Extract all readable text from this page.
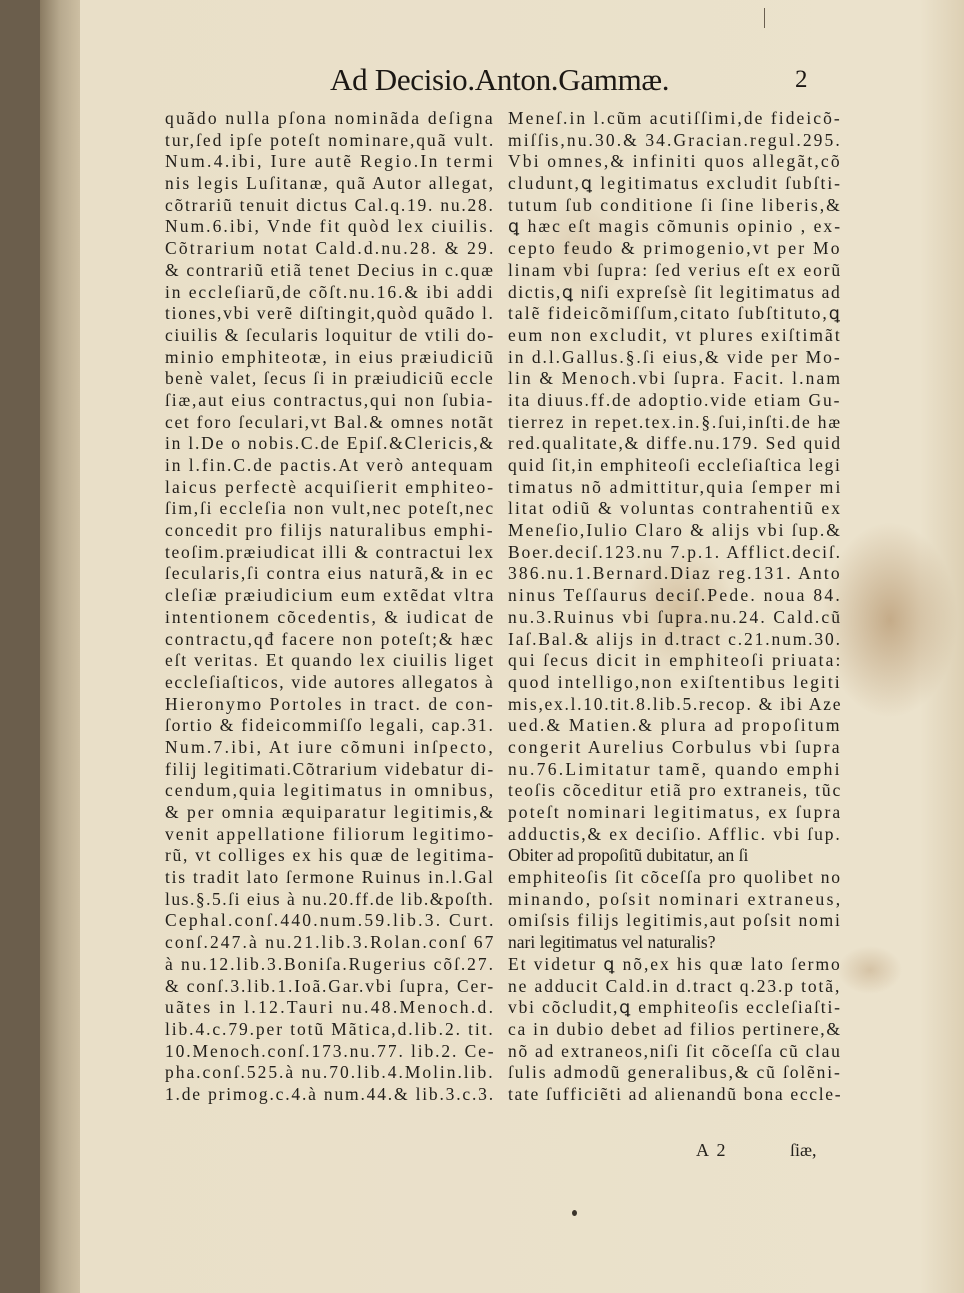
Ad Decisio.Anton.Gammæ.	2
quãdo nulla pſona nominãda deſigna
tur,ſed ipſe poteſt nominare,quã vult.
Num.4.ibi, Iure autẽ Regio.In termi
nis legis Luſitanæ, quã Autor allegat,
cõtrariũ tenuit dictus Cal.q.19. nu.28.
Num.6.ibi, Vnde fit quòd lex ciuilis.
Cõtrarium notat Cald.d.nu.28. & 29.
& contrariũ etiã tenet Decius in c.quæ
in eccleſiarũ,de cõſt.nu.16.& ibi addi
tiones,vbi verẽ diſtingit,quòd quãdo l.
ciuilis & ſecularis loquitur de vtili do-
minio emphiteotæ, in eius præiudiciũ
benè valet, ſecus ſi in præiudiciũ eccle
ſiæ,aut eius contractus,qui non ſubia-
cet foro ſeculari,vt Bal.& omnes notãt
in l.De o nobis.C.de Epiſ.&Clericis,&
in l.fin.C.de pactis.At verò antequam
laicus perfectè acquiſierit emphiteo-
ſim,ſi eccleſia non vult,nec poteſt,nec
concedit pro filijs naturalibus emphi-
teoſim.præiudicat illi & contractui lex
ſecularis,ſi contra eius naturã,& in ec
cleſiæ præiudicium eum extẽdat vltra
intentionem cõcedentis, & iudicat de
contractu,qđ facere non poteſt;& hæc
eſt veritas. Et quando lex ciuilis liget
eccleſiaſticos, vide autores allegatos à
Hieronymo Portoles in tract. de con-
ſortio & fideicommiſſo legali, cap.31.
Num.7.ibi, At iure cõmuni inſpecto,
filij legitimati.Cõtrarium videbatur di-
cendum,quia legitimatus in omnibus,
& per omnia æquiparatur legitimis,&
venit appellatione filiorum legitimo-
rũ, vt colliges ex his quæ de legitima-
tis tradit lato ſermone Ruinus in.l.Gal
lus.§.5.ſi eius à nu.20.ff.de lib.&poſth.
Cephal.conſ.440.num.59.lib.3. Curt.
conſ.247.à nu.21.lib.3.Rolan.conſ 67
à nu.12.lib.3.Boniſa.Rugerius cõſ.27.
& conſ.3.lib.1.Ioã.Gar.vbi ſupra, Cer-
uãtes in l.12.Tauri nu.48.Menoch.d.
lib.4.c.79.per totũ Mãtica,d.lib.2. tit.
10.Menoch.conſ.173.nu.77. lib.2. Ce-
pha.conſ.525.à nu.70.lib.4.Molin.lib.
1.de primog.c.4.à num.44.& lib.3.c.3.
Meneſ.in l.cũm acutiſſimi,de fideicõ-
miſſis,nu.30.& 34.Gracian.regul.295.
Vbi omnes,& infiniti quos allegãt,cõ
cludunt,ꝗ legitimatus excludit ſubſti-
tutum ſub conditione ſi ſine liberis,&
ꝗ hæc eſt magis cõmunis opinio , ex-
cepto feudo & primogenio,vt per Mo
linam vbi ſupra: ſed verius eſt ex eorũ
dictis,ꝗ niſi expreſsè ſit legitimatus ad
talẽ fideicõmiſſum,citato ſubſtituto,ꝗ
eum non excludit, vt plures exiſtimãt
in d.l.Gallus.§.ſi eius,& vide per Mo-
lin & Menoch.vbi ſupra. Facit. l.nam
ita diuus.ff.de adoptio.vide etiam Gu-
tierrez in repet.tex.in.§.ſui,inſti.de hæ
red.qualitate,& diffe.nu.179. Sed quid
quid ſit,in emphiteoſi eccleſiaſtica legi
timatus nõ admittitur,quia ſemper mi
litat odiũ & voluntas contrahentiũ ex
Meneſio,Iulio Claro & alijs vbi ſup.&
Boer.deciſ.123.nu 7.p.1. Afflict.deciſ.
386.nu.1.Bernard.Diaz reg.131. Anto
ninus Teſſaurus deciſ.Pede. noua 84.
nu.3.Ruinus vbi ſupra.nu.24. Cald.cũ
Iaſ.Bal.& alijs in d.tract c.21.num.30.
qui ſecus dicit in emphiteoſi priuata:
quod intelligo,non exiſtentibus legiti
mis,ex.l.10.tit.8.lib.5.recop. & ibi Aze
ued.& Matien.& plura ad propoſitum
congerit Aurelius Corbulus vbi ſupra
nu.76.Limitatur tamẽ, quando emphi
teoſis cõceditur etiã pro extraneis, tũc
poteſt nominari legitimatus, ex ſupra
adductis,& ex deciſio. Afflic. vbi ſup.
Obiter ad propoſitũ dubitatur, an ſi
emphiteoſis ſit cõceſſa pro quolibet no
minando, poſsit nominari extraneus,
omiſsis filijs legitimis,aut poſsit nomi
nari legitimatus vel naturalis?
Et videtur ꝗ nõ,ex his quæ lato ſermo
ne adducit Cald.in d.tract q.23.p totã,
vbi cõcludit,ꝗ emphiteoſis eccleſiaſti-
ca in dubio debet ad filios pertinere,&
nõ ad extraneos,niſi ſit cõceſſa cũ clau
ſulis admodũ generalibus,& cũ ſolẽni-
tate ſufficiẽti ad alienandũ bona eccle-
A 2	ſiæ,
